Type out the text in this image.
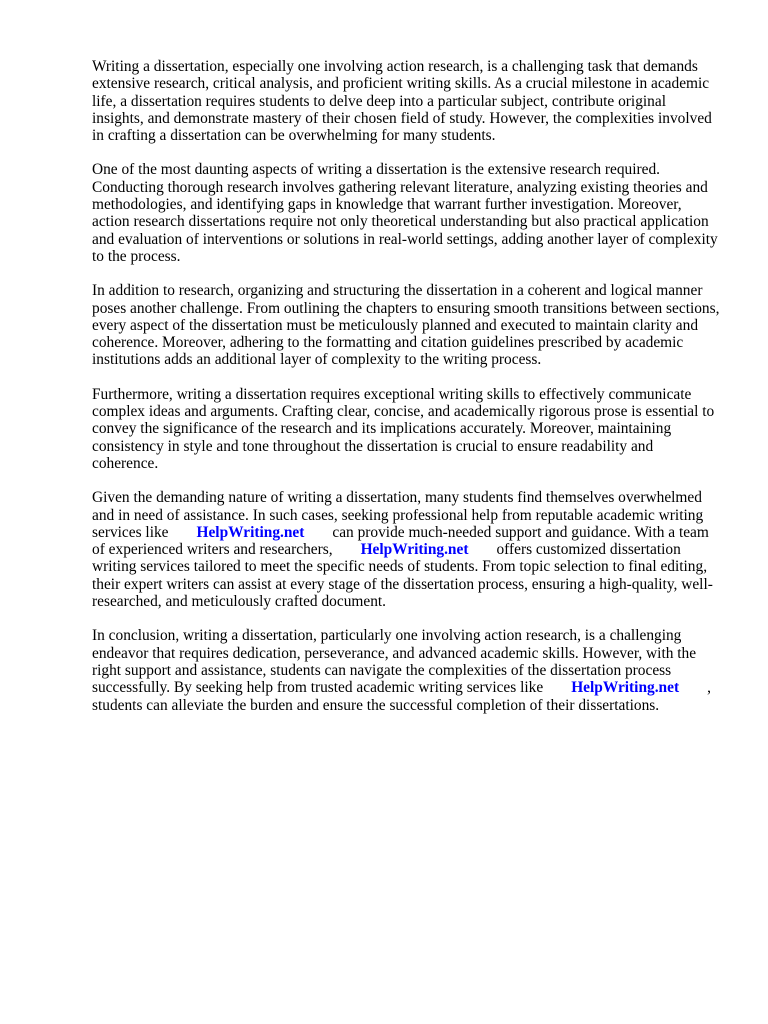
Writing a dissertation, especially one involving action research, is a challenging task that demands extensive research, critical analysis, and proficient writing skills. As a crucial milestone in academic life, a dissertation requires students to delve deep into a particular subject, contribute original insights, and demonstrate mastery of their chosen field of study. However, the complexities involved in crafting a dissertation can be overwhelming for many students.

One of the most daunting aspects of writing a dissertation is the extensive research required. Conducting thorough research involves gathering relevant literature, analyzing existing theories and methodologies, and identifying gaps in knowledge that warrant further investigation. Moreover, action research dissertations require not only theoretical understanding but also practical application and evaluation of interventions or solutions in real-world settings, adding another layer of complexity to the process.

In addition to research, organizing and structuring the dissertation in a coherent and logical manner poses another challenge. From outlining the chapters to ensuring smooth transitions between sections, every aspect of the dissertation must be meticulously planned and executed to maintain clarity and coherence. Moreover, adhering to the formatting and citation guidelines prescribed by academic institutions adds an additional layer of complexity to the writing process.

Furthermore, writing a dissertation requires exceptional writing skills to effectively communicate complex ideas and arguments. Crafting clear, concise, and academically rigorous prose is essential to convey the significance of the research and its implications accurately. Moreover, maintaining consistency in style and tone throughout the dissertation is crucial to ensure readability and coherence.

Given the demanding nature of writing a dissertation, many students find themselves overwhelmed and in need of assistance. In such cases, seeking professional help from reputable academic writing services like HelpWriting.net can provide much-needed support and guidance. With a team of experienced writers and researchers, HelpWriting.net offers customized dissertation writing services tailored to meet the specific needs of students. From topic selection to final editing, their expert writers can assist at every stage of the dissertation process, ensuring a high-quality, well-researched, and meticulously crafted document.

In conclusion, writing a dissertation, particularly one involving action research, is a challenging endeavor that requires dedication, perseverance, and advanced academic skills. However, with the right support and assistance, students can navigate the complexities of the dissertation process successfully. By seeking help from trusted academic writing services like HelpWriting.net , students can alleviate the burden and ensure the successful completion of their dissertations.
